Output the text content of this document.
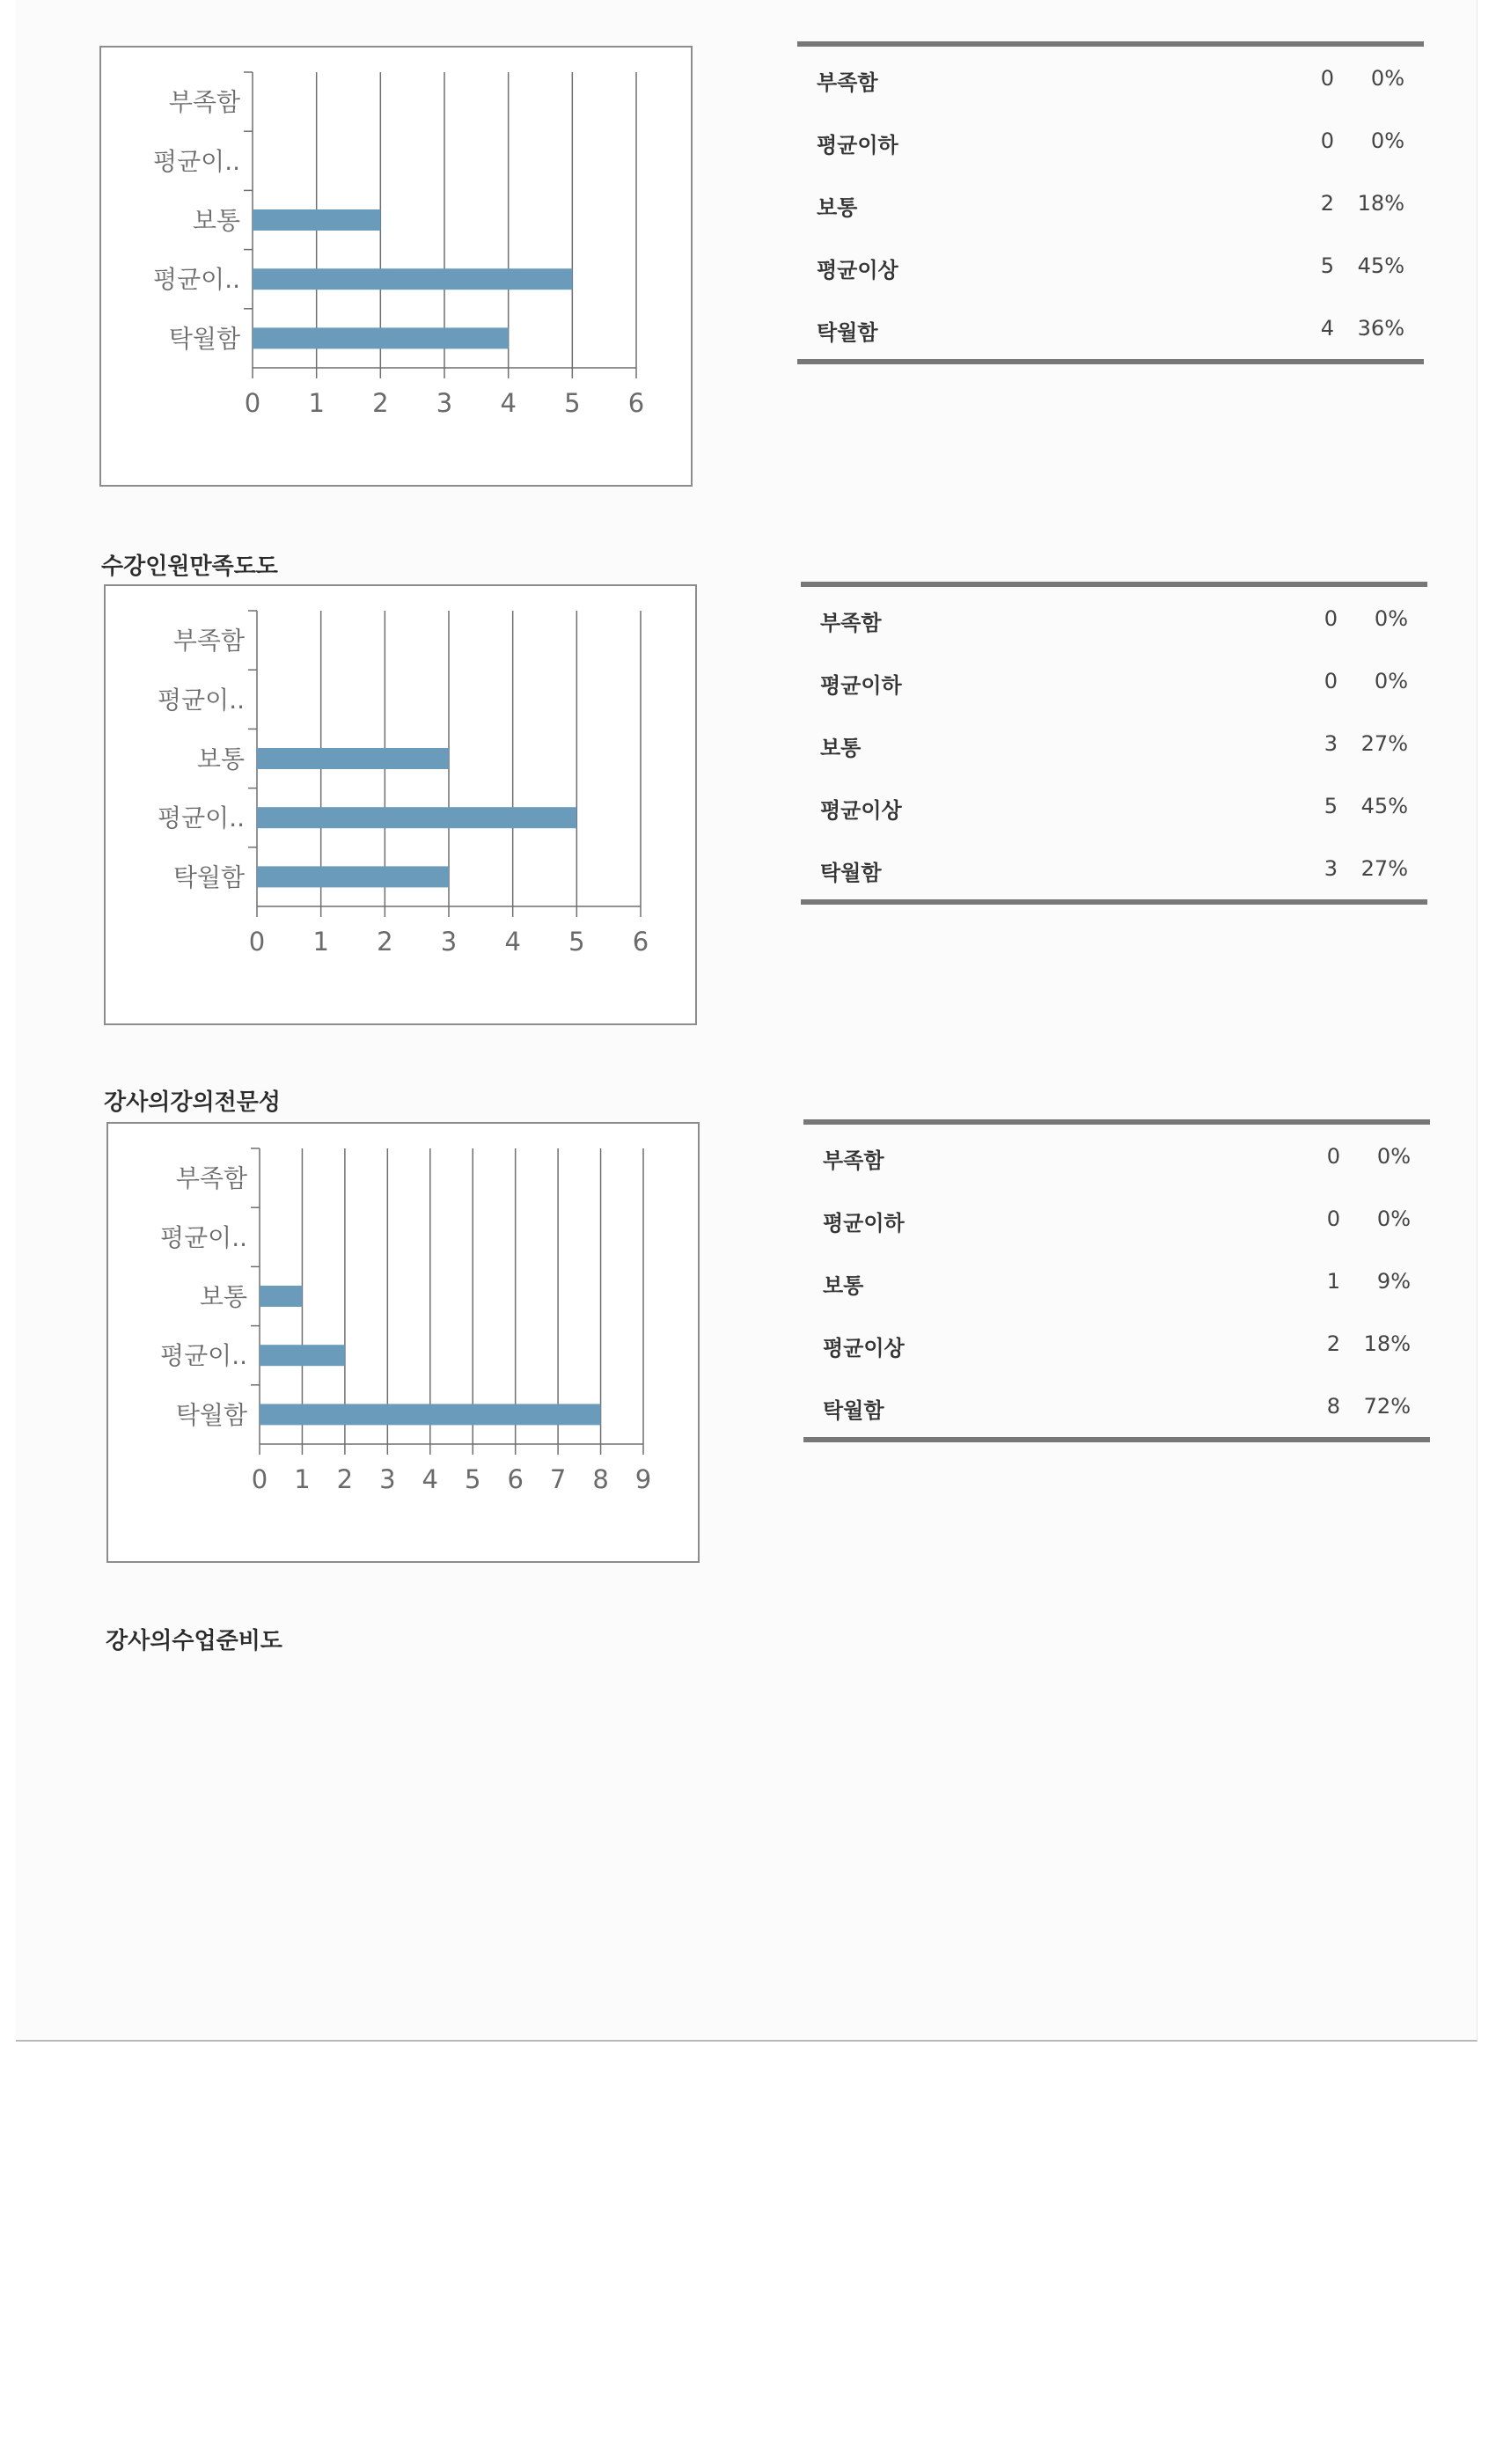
0 1 2 3 4 5 6
부족함
평균이..
보통
평균이..
탁월함
부족함	0	0%
평균이하	0	0%
보통	2	18%
평균이상	5	45%
탁월함	4	36%
수강인원만족도도
0 1 2 3 4 5 6
부족함
평균이..
보통
평균이..
탁월함
부족함	0	0%
평균이하	0	0%
보통	3	27%
평균이상	5	45%
탁월함	3	27%
강사의강의전문성
0 1 2 3 4 5 6 7 8 9
부족함
평균이..
보통
평균이..
탁월함
부족함	0	0%
평균이하	0	0%
보통	1	9%
평균이상	2	18%
탁월함	8	72%
강사의수업준비도
